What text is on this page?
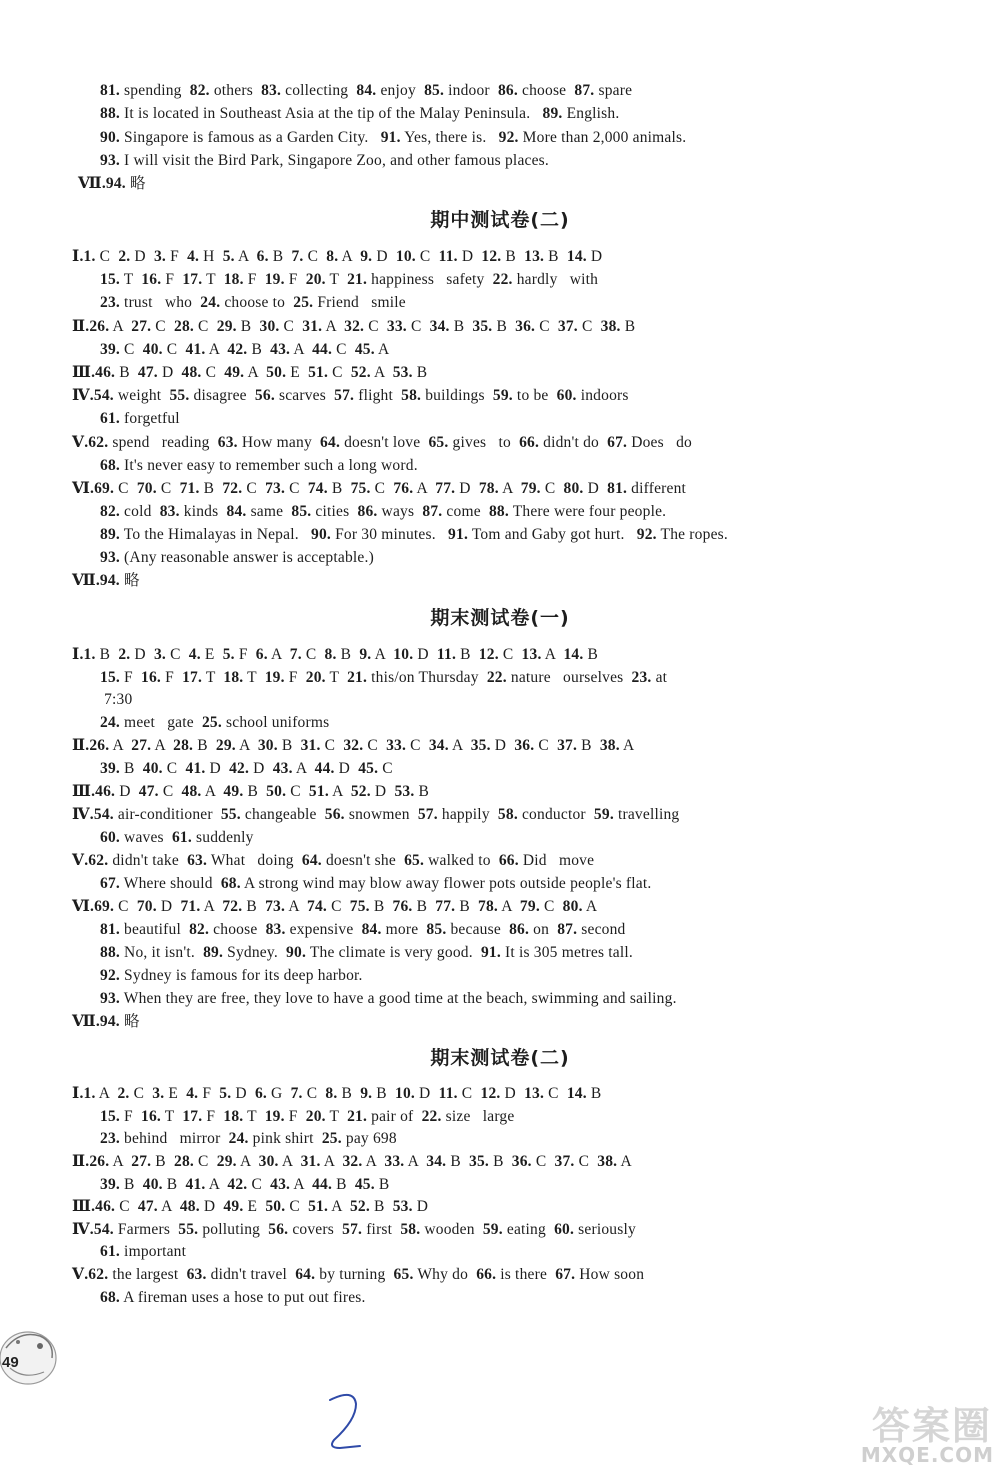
81. spending  82. others  83. collecting  84. enjoy  85. indoor  86. choose  87. spare
88. It is located in Southeast Asia at the tip of the Malay Peninsula.   89. English.
90. Singapore is famous as a Garden City.   91. Yes, there is.   92. More than 2,000 animals.
93. I will visit the Bird Park, Singapore Zoo, and other famous places.
Ⅶ.94. 略
期中测试卷(二)
Ⅰ.1. C  2. D  3. F  4. H  5. A  6. B  7. C  8. A  9. D  10. C  11. D  12. B  13. B  14. D
15. T  16. F  17. T  18. F  19. F  20. T  21. happiness   safety  22. hardly   with
23. trust   who  24. choose to  25. Friend   smile
Ⅱ.26. A  27. C  28. C  29. B  30. C  31. A  32. C  33. C  34. B  35. B  36. C  37. C  38. B
39. C  40. C  41. A  42. B  43. A  44. C  45. A
Ⅲ.46. B  47. D  48. C  49. A  50. E  51. C  52. A  53. B
Ⅳ.54. weight  55. disagree  56. scarves  57. flight  58. buildings  59. to be  60. indoors
61. forgetful
Ⅴ.62. spend   reading  63. How many  64. doesn't love  65. gives   to  66. didn't do  67. Does   do
68. It's never easy to remember such a long word.
Ⅵ.69. C  70. C  71. B  72. C  73. C  74. B  75. C  76. A  77. D  78. A  79. C  80. D  81. different
82. cold  83. kinds  84. same  85. cities  86. ways  87. come  88. There were four people.
89. To the Himalayas in Nepal.   90. For 30 minutes.   91. Tom and Gaby got hurt.   92. The ropes.
93. (Any reasonable answer is acceptable.)
Ⅶ.94. 略
期末测试卷(一)
Ⅰ.1. B  2. D  3. C  4. E  5. F  6. A  7. C  8. B  9. A  10. D  11. B  12. C  13. A  14. B
15. F  16. F  17. T  18. T  19. F  20. T  21. this/on Thursday  22. nature   ourselves  23. at
7:30
24. meet   gate  25. school uniforms
Ⅱ.26. A  27. A  28. B  29. A  30. B  31. C  32. C  33. C  34. A  35. D  36. C  37. B  38. A
39. B  40. C  41. D  42. D  43. A  44. D  45. C
Ⅲ.46. D  47. C  48. A  49. B  50. C  51. A  52. D  53. B
Ⅳ.54. air-conditioner  55. changeable  56. snowmen  57. happily  58. conductor  59. travelling
60. waves  61. suddenly
Ⅴ.62. didn't take  63. What   doing  64. doesn't she  65. walked to  66. Did   move
67. Where should  68. A strong wind may blow away flower pots outside people's flat.
Ⅵ.69. C  70. D  71. A  72. B  73. A  74. C  75. B  76. B  77. B  78. A  79. C  80. A
81. beautiful  82. choose  83. expensive  84. more  85. because  86. on  87. second
88. No, it isn't.  89. Sydney.  90. The climate is very good.  91. It is 305 metres tall.
92. Sydney is famous for its deep harbor.
93. When they are free, they love to have a good time at the beach, swimming and sailing.
Ⅶ.94. 略
期末测试卷(二)
Ⅰ.1. A  2. C  3. E  4. F  5. D  6. G  7. C  8. B  9. B  10. D  11. C  12. D  13. C  14. B
15. F  16. T  17. F  18. T  19. F  20. T  21. pair of  22. size   large
23. behind   mirror  24. pink shirt  25. pay 698
Ⅱ.26. A  27. B  28. C  29. A  30. A  31. A  32. A  33. A  34. B  35. B  36. C  37. C  38. A
39. B  40. B  41. A  42. C  43. A  44. B  45. B
Ⅲ.46. C  47. A  48. D  49. E  50. C  51. A  52. B  53. D
Ⅳ.54. Farmers  55. polluting  56. covers  57. first  58. wooden  59. eating  60. seriously
61. important
Ⅴ.62. the largest  63. didn't travel  64. by turning  65. Why do  66. is there  67. How soon
68. A fireman uses a hose to put out fires.
49
答案圈
MXQE.COM
